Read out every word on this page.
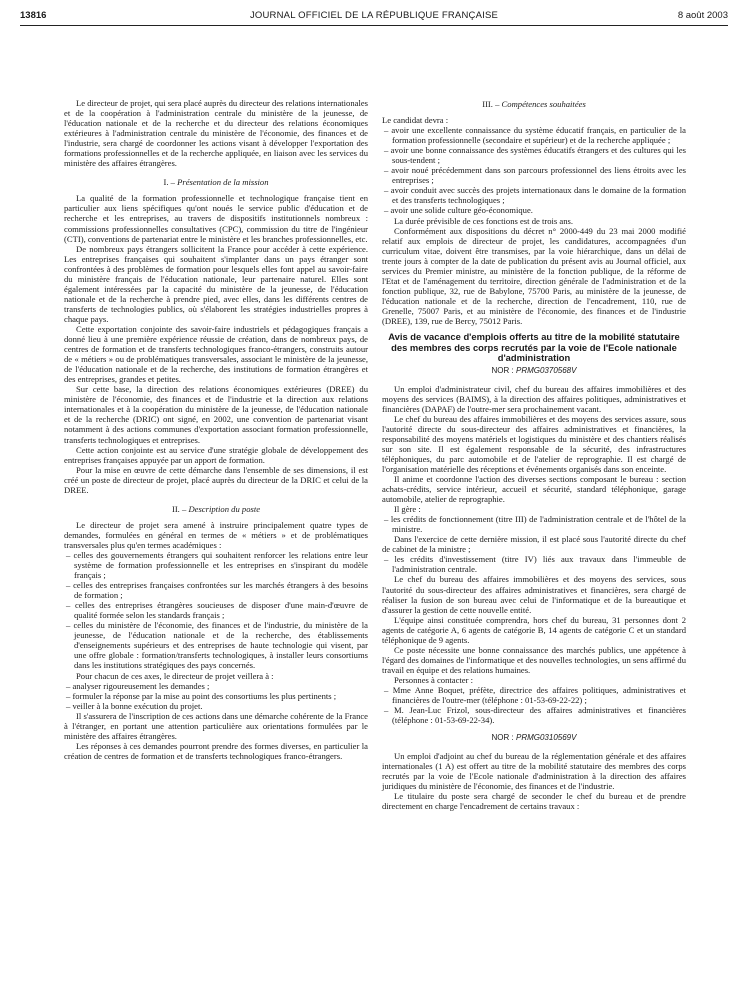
13816	JOURNAL OFFICIEL DE LA RÉPUBLIQUE FRANÇAISE	8 août 2003

Le directeur de projet, qui sera placé auprès du directeur des relations internationales et de la coopération à l'administration centrale du ministère de la jeunesse, de l'éducation nationale et de la recherche et du directeur des relations économiques extérieures à l'administration centrale du ministère de l'économie, des finances et de l'industrie, sera chargé de coordonner les actions visant à développer l'exportation des formations professionnelles et de la recherche appliquée, en liaison avec les services du ministère des affaires étrangères.

I. – Présentation de la mission

La qualité de la formation professionnelle et technologique française tient en particulier aux liens spécifiques qu'ont noués le service public d'éducation et de recherche et les entreprises, au travers de dispositifs institutionnels nombreux : commissions professionnelles consultatives (CPC), commission du titre de l'ingénieur (CTI), conventions de partenariat entre le ministère et les branches professionnelles, etc.

De nombreux pays étrangers sollicitent la France pour accéder à cette expérience. Les entreprises françaises qui souhaitent s'implanter dans un pays étranger sont confrontées à des problèmes de formation pour lesquels elles font appel au savoir-faire du ministère français de l'éducation nationale, leur partenaire naturel. Elles sont également intéressées par la capacité du ministère de la jeunesse, de l'éducation nationale et de la recherche à prendre pied, avec elles, dans les différents centres de transferts de technologies publics, où s'élaborent les stratégies industrielles propres à chaque pays.

Cette exportation conjointe des savoir-faire industriels et pédagogiques français a donné lieu à une première expérience réussie de création, dans de nombreux pays, de centres de formation et de transferts technologiques franco-étrangers, construits autour de « métiers » ou de problématiques transversales, associant le ministère de la jeunesse, de l'éducation nationale et de la recherche, des institutions de formation étrangères et des entreprises, grandes et petites.

Sur cette base, la direction des relations économiques extérieures (DREE) du ministère de l'économie, des finances et de l'industrie et la direction aux relations internationales et à la coopération du ministère de la jeunesse, de l'éducation nationale et de la recherche (DRIC) ont signé, en 2002, une convention de partenariat visant notamment à des actions communes d'exportation associant formation professionnelle, transferts technologiques et entreprises.

Cette action conjointe est au service d'une stratégie globale de développement des entreprises françaises appuyée par un apport de formation.

Pour la mise en œuvre de cette démarche dans l'ensemble de ses dimensions, il est créé un poste de directeur de projet, placé auprès du directeur de la DRIC et celui de la DREE.

II. – Description du poste

Le directeur de projet sera amené à instruire principalement quatre types de demandes, formulées en général en termes de « métiers » et de problématiques transversales plus qu'en termes académiques :

– celles des gouvernements étrangers qui souhaitent renforcer les relations entre leur système de formation professionnelle et les entreprises en s'inspirant du modèle français ;

– celles des entreprises françaises confrontées sur les marchés étrangers à des besoins de formation ;

– celles des entreprises étrangères soucieuses de disposer d'une main-d'œuvre de qualité formée selon les standards français ;

– celles du ministère de l'économie, des finances et de l'industrie, du ministère de la jeunesse, de l'éducation nationale et de la recherche, des établissements d'enseignements supérieurs et des entreprises de haute technologie qui visent, par une offre globale : formation/transferts technologiques, à installer leurs consortiums dans les institutions stratégiques des pays concernés.

Pour chacun de ces axes, le directeur de projet veillera à :

– analyser rigoureusement les demandes ;

– formuler la réponse par la mise au point des consortiums les plus pertinents ;

– veiller à la bonne exécution du projet.

Il s'assurera de l'inscription de ces actions dans une démarche cohérente de la France à l'étranger, en portant une attention particulière aux orientations formulées par le ministère des affaires étrangères.

Les réponses à ces demandes pourront prendre des formes diverses, en particulier la création de centres de formation et de transferts technologiques franco-étrangers.

III. – Compétences souhaitées

Le candidat devra :

– avoir une excellente connaissance du système éducatif français, en particulier de la formation professionnelle (secondaire et supérieur) et de la recherche appliquée ;

– avoir une bonne connaissance des systèmes éducatifs étrangers et des cultures qui les sous-tendent ;

– avoir noué précédemment dans son parcours professionnel des liens étroits avec les entreprises ;

– avoir conduit avec succès des projets internationaux dans le domaine de la formation et des transferts technologiques ;

– avoir une solide culture géo-économique.

La durée prévisible de ces fonctions est de trois ans.

Conformément aux dispositions du décret n° 2000-449 du 23 mai 2000 modifié relatif aux emplois de directeur de projet, les candidatures, accompagnées d'un curriculum vitae, doivent être transmises, par la voie hiérarchique, dans un délai de trente jours à compter de la date de publication du présent avis au Journal officiel, aux services du Premier ministre, au ministère de la fonction publique, de la réforme de l'Etat et de l'aménagement du territoire, direction générale de l'administration et de la fonction publique, 32, rue de Babylone, 75700 Paris, au ministère de la jeunesse, de l'éducation nationale et de la recherche, direction de l'encadrement, 110, rue de Grenelle, 75007 Paris, et au ministère de l'économie, des finances et de l'industrie (DREE), 139, rue de Bercy, 75012 Paris.

Avis de vacance d'emplois offerts au titre de la mobilité statutaire des membres des corps recrutés par la voie de l'Ecole nationale d'administration
NOR : PRMG0370568V

Un emploi d'administrateur civil, chef du bureau des affaires immobilières et des moyens des services (BAIMS), à la direction des affaires politiques, administratives et financières (DAPAF) de l'outre-mer sera prochainement vacant.

Le chef du bureau des affaires immobilières et des moyens des services assure, sous l'autorité directe du sous-directeur des affaires administratives et financières, la responsabilité des moyens matériels et logistiques du ministère et des chantiers réalisés sur son site. Il est également responsable de la sécurité, des infrastructures téléphoniques, du parc automobile et de l'atelier de reprographie. Il est chargé de l'organisation matérielle des réceptions et événements organisés dans son enceinte.

Il anime et coordonne l'action des diverses sections composant le bureau : section achats-crédits, service intérieur, accueil et sécurité, standard téléphonique, garage automobile, atelier de reprographie.

Il gère :

– les crédits de fonctionnement (titre III) de l'administration centrale et de l'hôtel de la ministre.

Dans l'exercice de cette dernière mission, il est placé sous l'autorité directe du chef de cabinet de la ministre ;

– les crédits d'investissement (titre IV) liés aux travaux dans l'immeuble de l'administration centrale.

Le chef du bureau des affaires immobilières et des moyens des services, sous l'autorité du sous-directeur des affaires administratives et financières, sera chargé de réaliser la fusion de son bureau avec celui de l'informatique et de la bureautique et d'assurer la gestion de cette nouvelle entité.

L'équipe ainsi constituée comprendra, hors chef du bureau, 31 personnes dont 2 agents de catégorie A, 6 agents de catégorie B, 14 agents de catégorie C et un standard téléphonique de 9 agents.

Ce poste nécessite une bonne connaissance des marchés publics, une appétence à l'égard des domaines de l'informatique et des nouvelles technologies, un sens affirmé du travail en équipe et des relations humaines.

Personnes à contacter :

– Mme Anne Boquet, préfète, directrice des affaires politiques, administratives et financières de l'outre-mer (téléphone : 01-53-69-22-22) ;

– M. Jean-Luc Frizol, sous-directeur des affaires administratives et financières (téléphone : 01-53-69-22-34).

NOR : PRMG0310569V

Un emploi d'adjoint au chef du bureau de la réglementation générale et des affaires internationales (1 A) est offert au titre de la mobilité statutaire des membres des corps recrutés par la voie de l'Ecole nationale d'administration à la direction des affaires juridiques du ministère de l'économie, des finances et de l'industrie.

Le titulaire du poste sera chargé de seconder le chef du bureau et de prendre directement en charge l'encadrement de certains travaux :
